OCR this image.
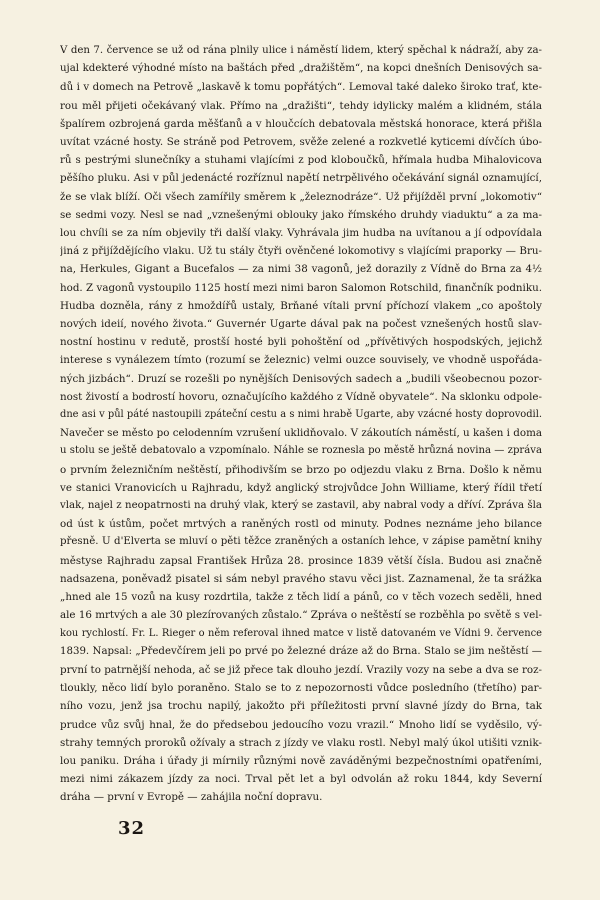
V den 7. července se už od rána plnily ulice i náměstí lidem, který spěchal k nádraží, aby za-
ujal kdekteré výhodné místo na baštách před „dražištěm“, na kopci dnešních Denisových sa-
dů i v domech na Petrově „laskavě k tomu popřátých“. Lemoval také daleko široko trať, kte-
rou měl přijeti očekávaný vlak. Přímo na „dražišti“, tehdy idylicky malém a klidném, stála
špalírem ozbrojená garda měšťanů a v hloučcích debatovala městská honorace, která přišla
uvítat vzácné hosty. Se stráně pod Petrovem, svěže zelené a rozkvetlé kyticemi dívčích úbo-
rů s pestrými slunečníky a stuhami vlajícími z pod kloboučků, hřímala hudba Mihalovicova
pěšího pluku. Asi v půl jedenácté rozříznul napětí netrpělivého očekávání signál oznamující,
že se vlak blíží. Oči všech zamířily směrem k „železnodráze“. Už přijížděl první „lokomotiv“
se sedmi vozy. Nesl se nad „vznešenými oblouky jako římského druhdy viaduktu“ a za ma-
lou chvíli se za ním objevily tři další vlaky. Vyhrávala jim hudba na uvítanou a jí odpovídala
jiná z přijíždějícího vlaku. Už tu stály čtyři ověnčené lokomotivy s vlajícími praporky — Bru-
na, Herkules, Gigant a Bucefalos — za nimi 38 vagonů, jež dorazily z Vídně do Brna za 4½
hod. Z vagonů vystoupilo 1125 hostí mezi nimi baron Salomon Rotschild, finančník podniku.
Hudba dozněla, rány z hmoždířů ustaly, Brňané vítali první příchozí vlakem „co apoštoly
nových ideií, nového života.“ Guvernér Ugarte dával pak na počest vznešených hostů slav-
nostní hostinu v redutě, prostší hosté byli pohoštění od „přívětivých hospodských, jejichž
interese s vynálezem tímto (rozumí se železnic) velmi ouzce souvisely, ve vhodně uspořáda-
ných jizbách“. Druzí se rozešli po nynějších Denisových sadech a „budili všeobecnou pozor-
nost živostí a bodrostí hovoru, označujícího každého z Vídně obyvatele“. Na sklonku odpole-
dne asi v půl páté nastoupili zpáteční cestu a s nimi hrabě Ugarte, aby vzácné hosty doprovodil.
Navečer se město po celodenním vzrušení uklidňovalo. V zákoutích náměstí, u kašen i doma
u stolu se ještě debatovalo a vzpomínalo. Náhle se roznesla po městě hrůzná novina — zpráva
o prvním železničním neštěstí, přihodivším se brzo po odjezdu vlaku z Brna. Došlo k němu
ve stanici Vranovicích u Rajhradu, když anglický strojvůdce John Williame, který řídil třetí
vlak, najel z neopatrnosti na druhý vlak, který se zastavil, aby nabral vody a dříví. Zpráva šla
od úst k ústům, počet mrtvých a raněných rostl od minuty. Podnes neznáme jeho bilance
přesně. U d'Elverta se mluví o pěti těžce zraněných a ostaních lehce, v zápise pamětní knihy
městyse Rajhradu zapsal František Hrůza 28. prosince 1839 větší čísla. Budou asi značně
nadsazena, poněvadž pisatel si sám nebyl pravého stavu věci jist. Zaznamenal, že ta srážka
„hned ale 15 vozů na kusy rozdrtila, takže z těch lidí a pánů, co v těch vozech seděli, hned
ale 16 mrtvých a ale 30 plezírovaných zůstalo.“ Zpráva o neštěstí se rozběhla po světě s vel-
kou rychlostí. Fr. L. Rieger o něm referoval ihned matce v listě datovaném ve Vídni 9. července
1839. Napsal: „Předevčírem jeli po prvé po železné dráze až do Brna. Stalo se jim neštěstí —
první to patrnější nehoda, ač se již přece tak dlouho jezdí. Vrazily vozy na sebe a dva se roz-
tloukly, něco lidí bylo poraněno. Stalo se to z nepozornosti vůdce posledního (třetího) par-
ního vozu, jenž jsa trochu napilý, jakožto při příležitosti první slavné jízdy do Brna, tak
prudce vůz svůj hnal, že do předsebou jedoucího vozu vrazil.“ Mnoho lidí se vyděsilo, vý-
strahy temných proroků ožívaly a strach z jízdy ve vlaku rostl. Nebyl malý úkol utišiti vznik-
lou paniku. Dráha i úřady ji mírnily různými nově zaváděnými bezpečnostními opatřeními,
mezi nimi zákazem jízdy za noci. Trval pět let a byl odvolán až roku 1844, kdy Severní
dráha — první v Evropě — zahájila noční dopravu.
32
